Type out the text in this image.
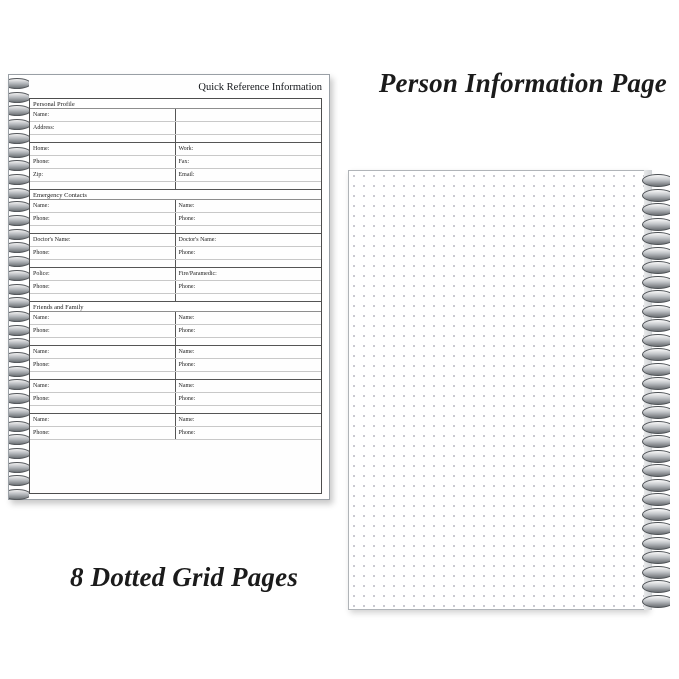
Quick Reference Information
Personal Profile
Name:
Address:
Home:	Work:
Phone:	Fax:
Zip:	Email:
Emergency Contacts
Name:	Name:
Phone:	Phone:
Doctor's Name:	Doctor's Name:
Phone:	Phone:
Police:	Fire/Paramedic:
Phone:	Phone:
Friends and Family
Name:	Name:
Phone:	Phone:
Name:	Name:
Phone:	Phone:
Name:	Name:
Phone:	Phone:
Name:	Name:
Phone:	Phone:
Person Information Page
8 Dotted Grid Pages
